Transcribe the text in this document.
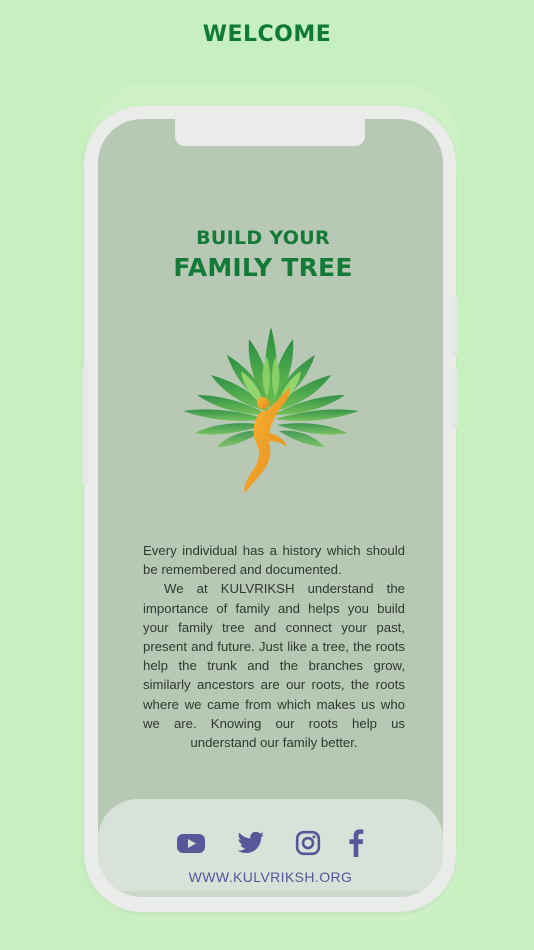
WELCOME
BUILD YOUR
FAMILY TREE

Every individual has a history which should be remembered and documented.

We at KULVRIKSH understand the importance of family and helps you build your family tree and connect your past, present and future. Just like a tree, the roots help the trunk and the branches grow, similarly ancestors are our roots, the roots where we came from which makes us who we are. Knowing our roots help us understand our family better.

WWW.KULVRIKSH.ORG
